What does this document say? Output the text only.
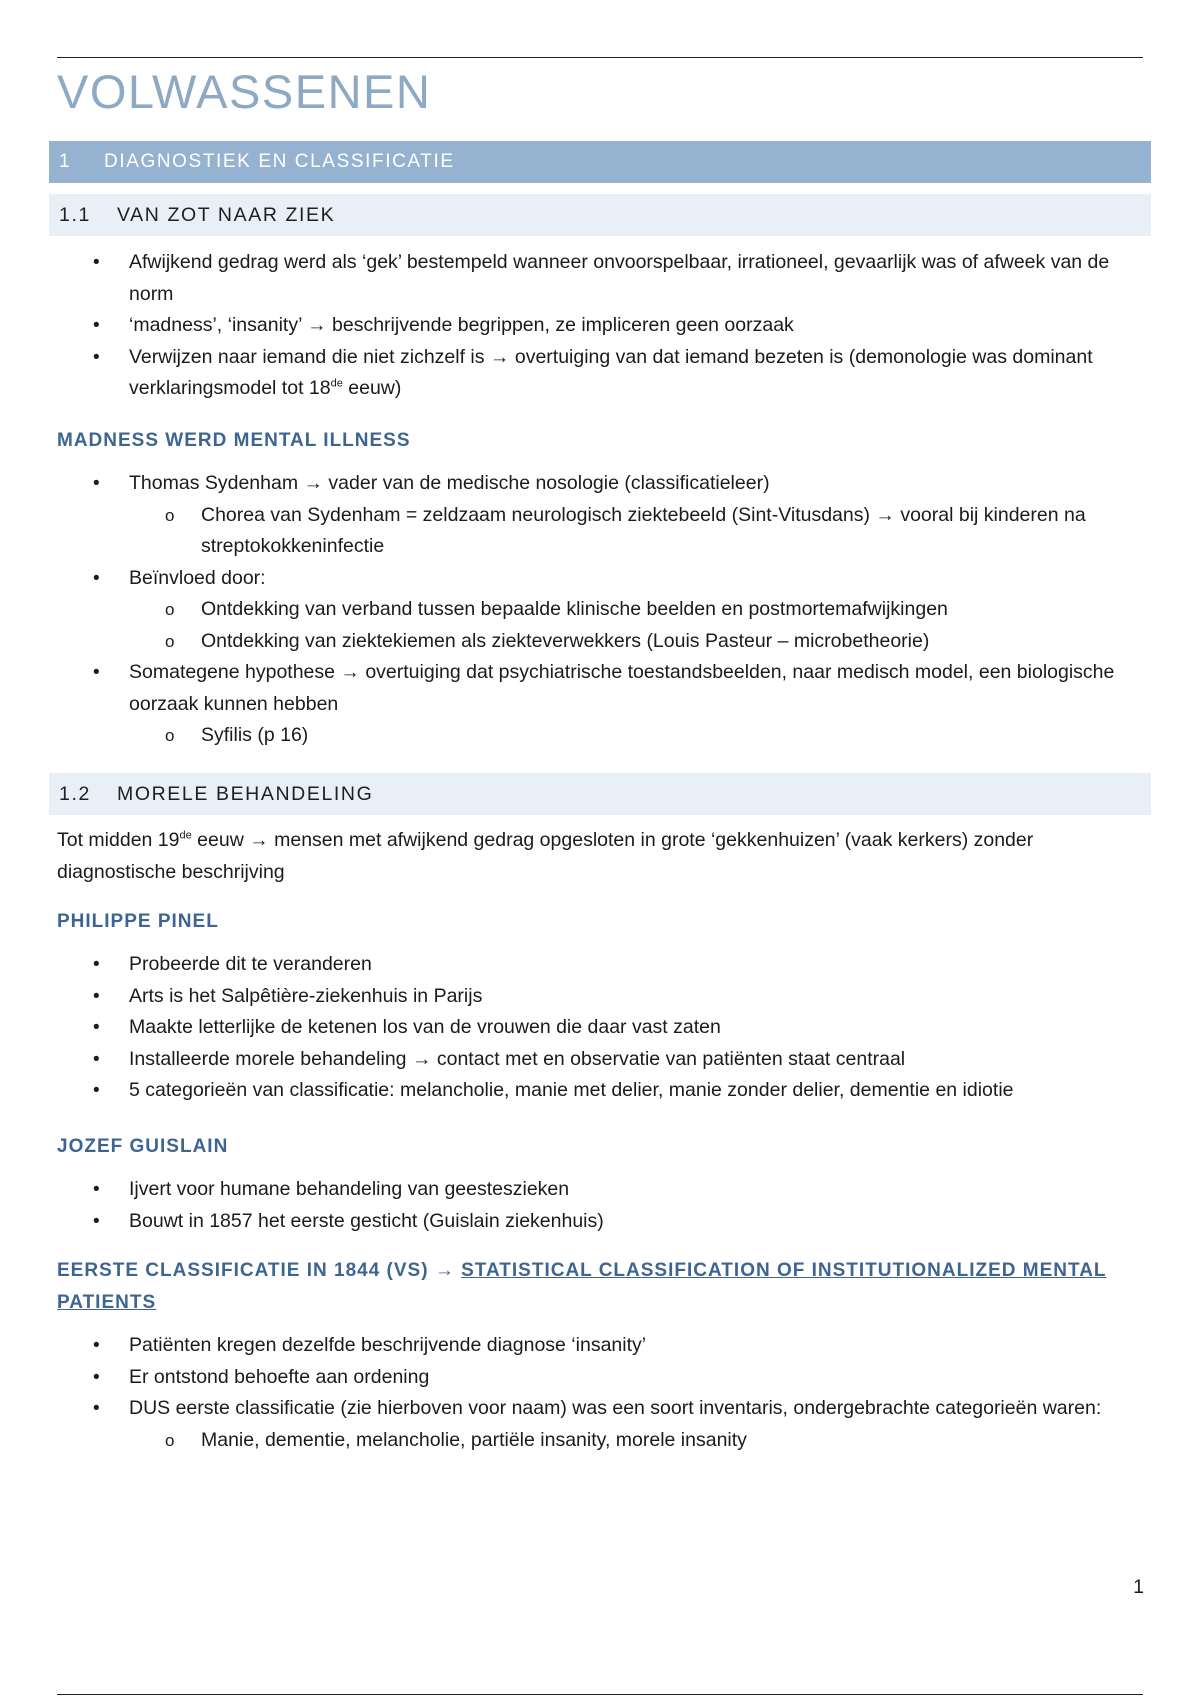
VOLWASSENEN
1	DIAGNOSTIEK EN CLASSIFICATIE
1.1	VAN ZOT NAAR ZIEK
• Afwijkend gedrag werd als ‘gek’ bestempeld wanneer onvoorspelbaar, irrationeel, gevaarlijk was of afweek van de norm
• ‘madness’, ‘insanity’ → beschrijvende begrippen, ze impliceren geen oorzaak
• Verwijzen naar iemand die niet zichzelf is → overtuiging van dat iemand bezeten is (demonologie was dominant verklaringsmodel tot 18de eeuw)
MADNESS WERD MENTAL ILLNESS
• Thomas Sydenham → vader van de medische nosologie (classificatieleer)
o Chorea van Sydenham = zeldzaam neurologisch ziektebeeld (Sint-Vitusdans) → vooral bij kinderen na streptokokkeninfectie
• Beïnvloed door:
o Ontdekking van verband tussen bepaalde klinische beelden en postmortemafwijkingen
o Ontdekking van ziektekiemen als ziekteverwekkers (Louis Pasteur – microbetheorie)
• Somategene hypothese → overtuiging dat psychiatrische toestandsbeelden, naar medisch model, een biologische oorzaak kunnen hebben
o Syfilis (p 16)
1.2	MORELE BEHANDELING

Tot midden 19de eeuw → mensen met afwijkend gedrag opgesloten in grote ‘gekkenhuizen’ (vaak kerkers) zonder diagnostische beschrijving

PHILIPPE PINEL
• Probeerde dit te veranderen
• Arts is het Salpêtière-ziekenhuis in Parijs
• Maakte letterlijke de ketenen los van de vrouwen die daar vast zaten
• Installeerde morele behandeling → contact met en observatie van patiënten staat centraal
• 5 categorieën van classificatie: melancholie, manie met delier, manie zonder delier, dementie en idiotie
JOZEF GUISLAIN
• Ijvert voor humane behandeling van geesteszieken
• Bouwt in 1857 het eerste gesticht (Guislain ziekenhuis)
EERSTE CLASSIFICATIE IN 1844 (VS) → STATISTICAL CLASSIFICATION OF INSTITUTIONALIZED MENTAL PATIENTS
• Patiënten kregen dezelfde beschrijvende diagnose ‘insanity’
• Er ontstond behoefte aan ordening
• DUS eerste classificatie (zie hierboven voor naam) was een soort inventaris, ondergebrachte categorieën waren:
o Manie, dementie, melancholie, partiële insanity, morele insanity
1
